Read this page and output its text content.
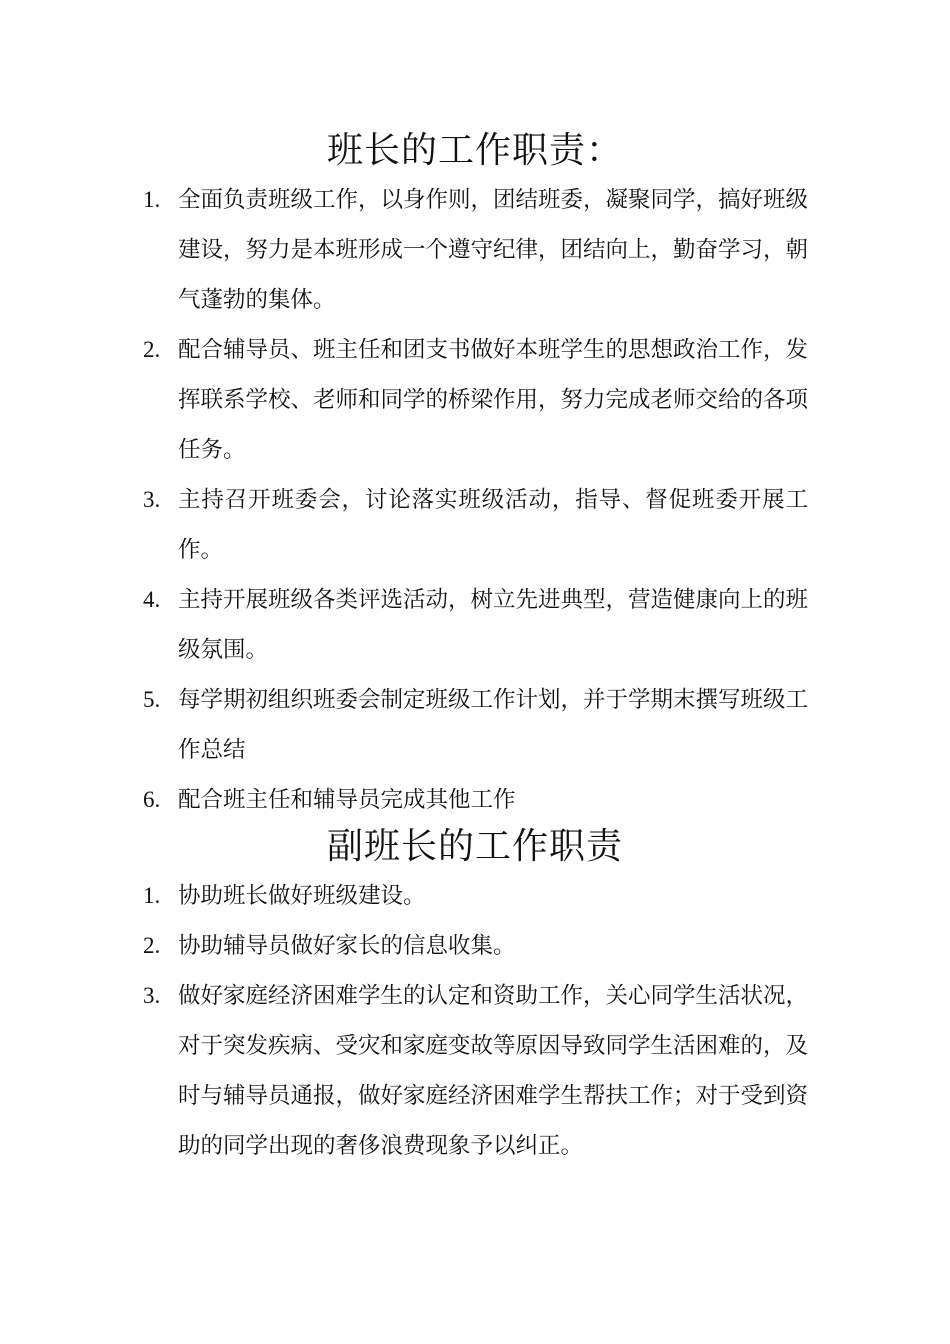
班长的工作职责：
1. 全面负责班级工作，以身作则，团结班委，凝聚同学，搞好班级建设，努力是本班形成一个遵守纪律，团结向上，勤奋学习，朝气蓬勃的集体。
2. 配合辅导员、班主任和团支书做好本班学生的思想政治工作，发挥联系学校、老师和同学的桥梁作用，努力完成老师交给的各项任务。
3. 主持召开班委会，讨论落实班级活动，指导、督促班委开展工作。
4. 主持开展班级各类评选活动，树立先进典型，营造健康向上的班级氛围。
5. 每学期初组织班委会制定班级工作计划，并于学期末撰写班级工作总结
6. 配合班主任和辅导员完成其他工作
副班长的工作职责
1. 协助班长做好班级建设。
2. 协助辅导员做好家长的信息收集。
3. 做好家庭经济困难学生的认定和资助工作，关心同学生活状况，对于突发疾病、受灾和家庭变故等原因导致同学生活困难的，及时与辅导员通报，做好家庭经济困难学生帮扶工作；对于受到资助的同学出现的奢侈浪费现象予以纠正。
